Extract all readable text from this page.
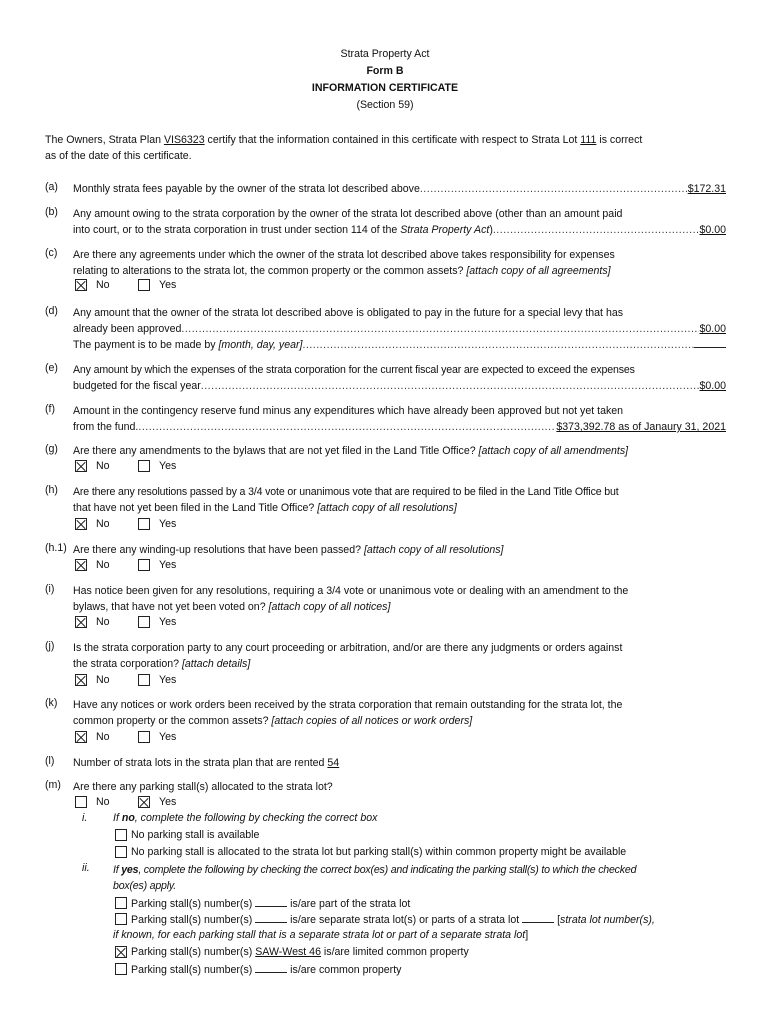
Strata Property Act
Form B
INFORMATION CERTIFICATE
(Section 59)
The Owners, Strata Plan VIS6323 certify that the information contained in this certificate with respect to Strata Lot 111 is correct
as of the date of this certificate.
(a) Monthly strata fees payable by the owner of the strata lot described above .....	$172.31
(b) Any amount owing to the strata corporation by the owner of the strata lot described above (other than an amount paid
into court, or to the strata corporation in trust under section 114 of the Strata Property Act) .....	$0.00
(c) Are there any agreements under which the owner of the strata lot described above takes responsibility for expenses
relating to alterations to the strata lot, the common property or the common assets? [attach copy of all agreements]
No	Yes
(d) Any amount that the owner of the strata lot described above is obligated to pay in the future for a special levy that has
already been approved .....	$0.00
The payment is to be made by [month, day, year]
.....
(e) Any amount by which the expenses of the strata corporation for the current fiscal year are expected to exceed the expenses
budgeted for the fiscal year .....	$0.00
(f) Amount in the contingency reserve fund minus any expenditures which have already been approved but not yet taken
from the fund. .....	$373,392.78 as of Janaury 31, 2021
(g) Are there any amendments to the bylaws that are not yet filed in the Land Title Office? [attach copy of all amendments]
No	Yes
(h) Are there any resolutions passed by a 3/4 vote or unanimous vote that are required to be filed in the Land Title Office but
that have not yet been filed in the Land Title Office? [attach copy of all resolutions]
No	Yes
(h.1) Are there any winding-up resolutions that have been passed? [attach copy of all resolutions]
No	Yes
(i) Has notice been given for any resolutions, requiring a 3/4 vote or unanimous vote or dealing with an amendment to the
bylaws, that have not yet been voted on? [attach copy of all notices]
No	Yes
(j) Is the strata corporation party to any court proceeding or arbitration, and/or are there any judgments or orders against
the strata corporation? [attach details]
No	Yes
(k) Have any notices or work orders been received by the strata corporation that remain outstanding for the strata lot, the
common property or the common assets? [attach copies of all notices or work orders]
No	Yes
(l) Number of strata lots in the strata plan that are rented 54
(m) Are there any parking stall(s) allocated to the strata lot?
No	Yes
i. If no, complete the following by checking the correct box
No parking stall is available
No parking stall is allocated to the strata lot but parking stall(s) within common property might be available
ii. If yes, complete the following by checking the correct box(es) and indicating the parking stall(s) to which the checked
box(es) apply.
Parking stall(s) number(s)	is/are part of the strata lot
Parking stall(s) number(s)	is/are separate strata lot(s) or parts of a strata lot	[strata lot number(s),
if known, for each parking stall that is a separate strata lot or part of a separate strata lot]
Parking stall(s) number(s) SAW-West 46 is/are limited common property
Parking stall(s) number(s)	is/are common property
